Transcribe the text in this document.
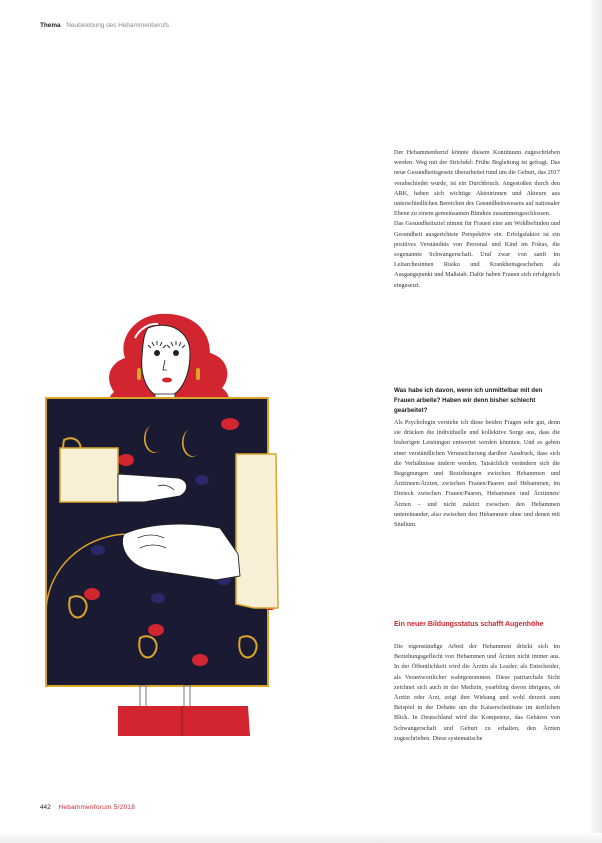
Thema Neubelebung des Hebammenberufs

Der Hebammenberuf könnte diesem Kontinuum zugeschrieben werden. Weg mit der Strichdel: Frühe Begleitung ist gefragt. Das neue Gesundheitsgesetz überarbeitet rund um die Geburt, das 2017 verabschiedet wurde, ist ein Durchbruch. Angestoßen durch den ARK, haben sich wichtige Akteurinnen und Akteure aus unterschiedlichen Bereichen des Gesundheitswesens auf nationaler Ebene zu einem gemeinsamen Bündnis zusammengeschlossen.

Das Gesundheitsziel nimmt für Frauen eine am Wohlbefinden und Gesundheit ausgerichtete Perspektive ein. Erfolgsfaktor ist ein positives Verständnis von Personal und Kind im Fokus, die sogenannte Schwangerschaft. Und zwar von sanft im Leitarchesinnen Risiko und Krankheitsgeschehen als Ausgangspunkt und Maßstab. Dafür haben Frauen sich erfolgreich eingesetzt.

Was habe ich davon, wenn ich unmittelbar mit den Frauen arbeite? Haben wir denn bisher schlecht gearbeitet?

Als Psychologin verstehe ich diese beiden Fragen sehr gut, denn sie drücken die individuelle und kollektive Sorge aus, dass die bisherigen Leistungen entwertet werden könnten. Und es geben einer verständlichen Verunsicherung darüber Ausdruck, dass sich die Verhältnisse ändern werden. Tatsächlich verändern sich die Begegnungen und Beziehungen zwischen Hebammen und Ärztinnen/Ärzten, zwischen Frauen/Paaren und Hebammen, im Dreieck zwischen Frauen/Paaren, Hebammen und Ärztinnen/Ärzten – und nicht zuletzt zwischen den Hebammen untereinander, also zwischen den Hebammen ohne und denen mit Studium.

Ein neuer Bildungsstatus schafft Augenhöhe

Die eigenständige Arbeit der Hebammen drückt sich im Beziehungsgeflecht von Hebammen und Ärzten nicht immer aus. In der Öffentlichkeit wird die Ärztin als Leader, als Entscheider, als Verantwortlicher wahrgenommen. Diese patriarchale Sicht zeichnet sich auch in der Medizin, yearbling davon übrigens, ob Ärztin oder Arzt, zeigt ihre Wirkung und wohl derzeit zum Beispiel in der Debatte um die Kaiserschnittrate im ärztlichen Blick. In Deutschland wird die Kompetenz, das Gebären von Schwangerschaft und Geburt zu erhalten, den Ärzten zugeschrieben. Diese systematische

442 Hebammenforum 5/2018
